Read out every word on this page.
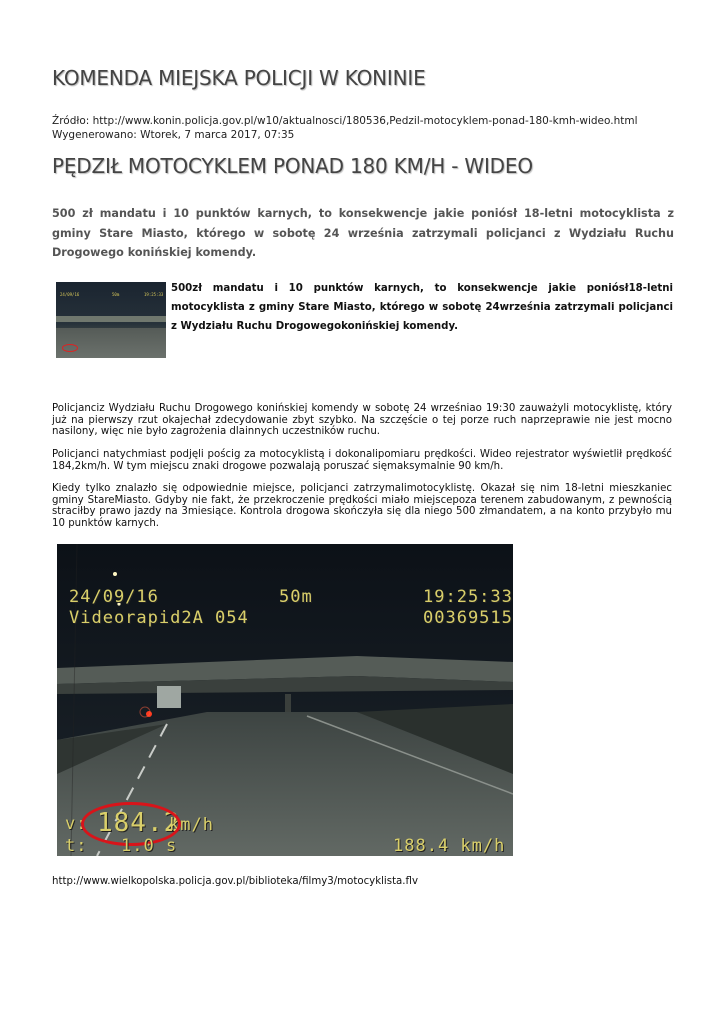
KOMENDA MIEJSKA POLICJI W KONINIE
Źródło: http://www.konin.policja.gov.pl/w10/aktualnosci/180536,Pedzil-motocyklem-ponad-180-kmh-wideo.html
Wygenerowano: Wtorek, 7 marca 2017, 07:35
PĘDZIŁ MOTOCYKLEM PONAD 180 KM/H - WIDEO

500 zł mandatu i 10 punktów karnych, to konsekwencje jakie poniósł 18-letni motocyklista z gminy Stare Miasto, którego w sobotę 24 września zatrzymali policjanci z Wydziału Ruchu Drogowego konińskiej komendy.

24/09/16	50m	19:25:33

500zł mandatu i 10 punktów karnych, to konsekwencje jakie poniósł18-letni motocyklista z gminy Stare Miasto, którego w sobotę 24września zatrzymali policjanci z Wydziału Ruchu Drogowegokonińskiej komendy.

Policjanciz Wydziału Ruchu Drogowego konińskiej komendy w sobotę 24 wrześniao 19:30 zauważyli motocyklistę, który już na pierwszy rzut okajechał zdecydowanie zbyt szybko. Na szczęście o tej porze ruch naprzeprawie nie jest mocno nasilony, więc nie było zagrożenia dlainnych uczestników ruchu.

Policjanci natychmiast podjęli pościg za motocyklistą i dokonalipomiaru prędkości. Wideo rejestrator wyświetlił prędkość 184,2km/h. W tym miejscu znaki drogowe pozwalają poruszać sięmaksymalnie 90 km/h.

Kiedy tylko znalazło się odpowiednie miejsce, policjanci zatrzymalimotocyklistę. Okazał się nim 18-letni mieszkaniec gminy StareMiasto. Gdyby nie fakt, że przekroczenie prędkości miało miejscepoza terenem zabudowanym, z pewnością straciłby prawo jazdy na 3miesiące. Kontrola drogowa skończyła się dla niego 500 złmandatem, a na konto przybyło mu 10 punktów karnych.

24/09/16	50m	19:25:33
Videorapid2A 054	00369515
v: 184.2
km/h
t: 1.0 s	188.4 km/h
http://www.wielkopolska.policja.gov.pl/biblioteka/filmy3/motocyklista.flv
